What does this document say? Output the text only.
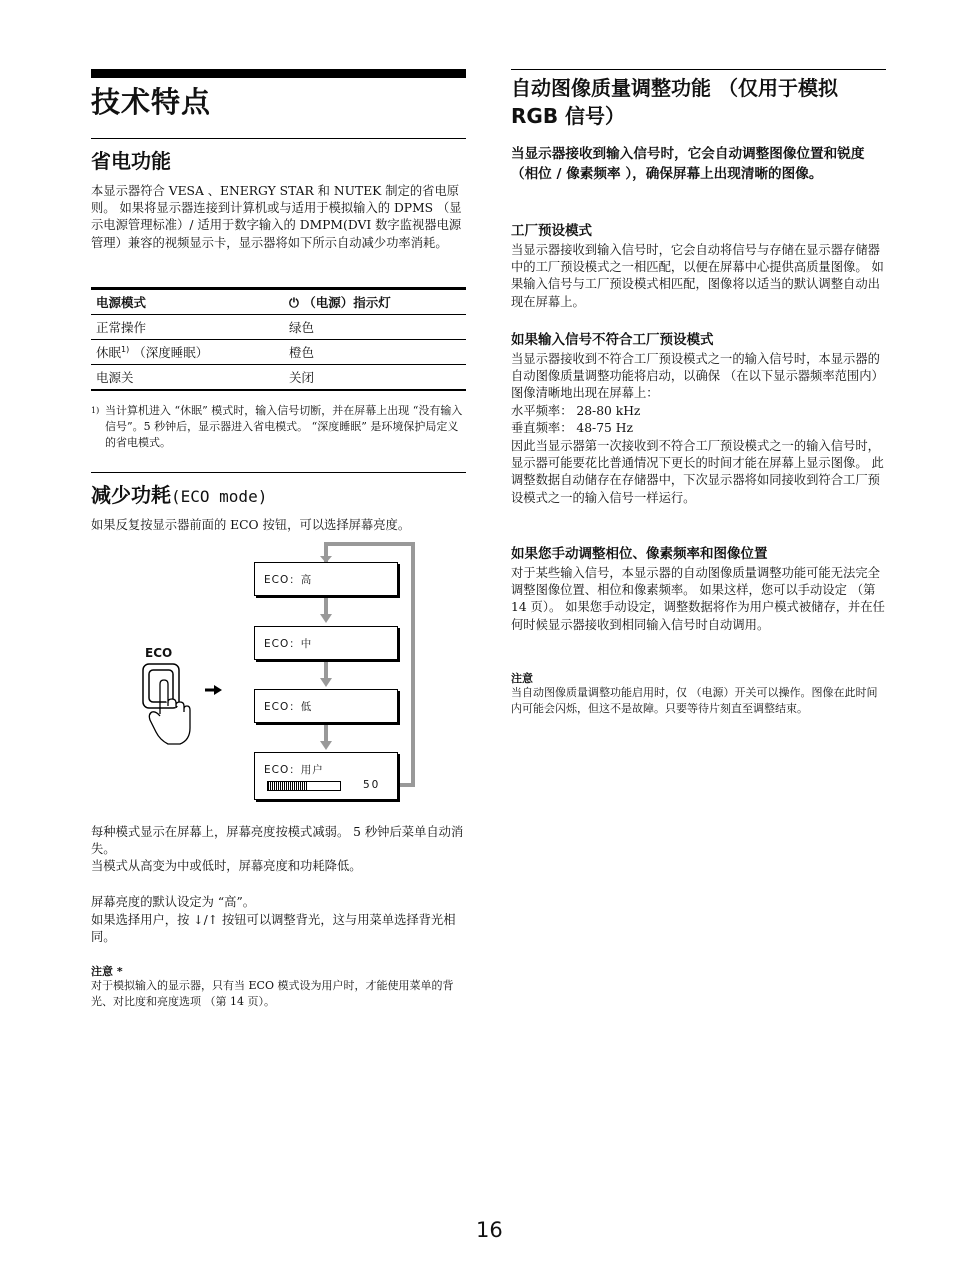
技术特点
省电功能

本显示器符合 VESA 、ENERGY STAR 和 NUTEK 制定的省电原则。 如果将显示器连接到计算机或与适用于模拟输入的 DPMS （显示电源管理标准）/ 适用于数字输入的 DMPM(DVI 数字监视器电源管理）兼容的视频显示卡，显示器将如下所示自动减少功率消耗。

电源模式	⏻ （电源）指示灯
正常操作	绿色
休眠$^{1)}$ （深度睡眠）	橙色
电源关	关闭
1) 当计算机进入 “休眠” 模式时，输入信号切断，并在屏幕上出现 “没有输入信号”。5 秒钟后，显示器进入省电模式。 “深度睡眠” 是环境保护局定义的省电模式。
减少功耗(ECO mode)

如果反复按显示器前面的 ECO 按钮，可以选择屏幕亮度。

ECO
ECO：高
ECO：中
ECO：低
ECO：用户
50

每种模式显示在屏幕上，屏幕亮度按模式减弱。 5 秒钟后菜单自动消失。

当模式从高变为中或低时，屏幕亮度和功耗降低。

屏幕亮度的默认设定为 “高”。

如果选择用户，按 ↓/↑ 按钮可以调整背光，这与用菜单选择背光相同。

注意 *

对于模拟输入的显示器，只有当 ECO 模式设为用户时，才能使用菜单的背光、对比度和亮度选项 （第 14 页）。

自动图像质量调整功能 （仅用于模拟 RGB 信号）

当显示器接收到输入信号时，它会自动调整图像位置和锐度 （相位 / 像素频率 ），确保屏幕上出现清晰的图像。

工厂预设模式

当显示器接收到输入信号时，它会自动将信号与存储在显示器存储器中的工厂预设模式之一相匹配，以便在屏幕中心提供高质量图像。 如果输入信号与工厂预设模式相匹配，图像将以适当的默认调整自动出现在屏幕上。

如果输入信号不符合工厂预设模式

当显示器接收到不符合工厂预设模式之一的输入信号时，本显示器的自动图像质量调整功能将启动，以确保 （在以下显示器频率范围内）图像清晰地出现在屏幕上：

水平频率： 28-80 kHz

垂直频率： 48-75 Hz

因此当显示器第一次接收到不符合工厂预设模式之一的输入信号时，显示器可能要花比普通情况下更长的时间才能在屏幕上显示图像。 此调整数据自动储存在存储器中，下次显示器将如同接收到符合工厂预设模式之一的输入信号一样运行。

如果您手动调整相位、像素频率和图像位置

对于某些输入信号，本显示器的自动图像质量调整功能可能无法完全调整图像位置、相位和像素频率。 如果这样，您可以手动设定 （第 14 页）。 如果您手动设定，调整数据将作为用户模式被储存，并在任何时候显示器接收到相同输入信号时自动调用。

注意

当自动图像质量调整功能启用时，仅 （电源）开关可以操作。图像在此时间内可能会闪烁，但这不是故障。只要等待片刻直至调整结束。

16
